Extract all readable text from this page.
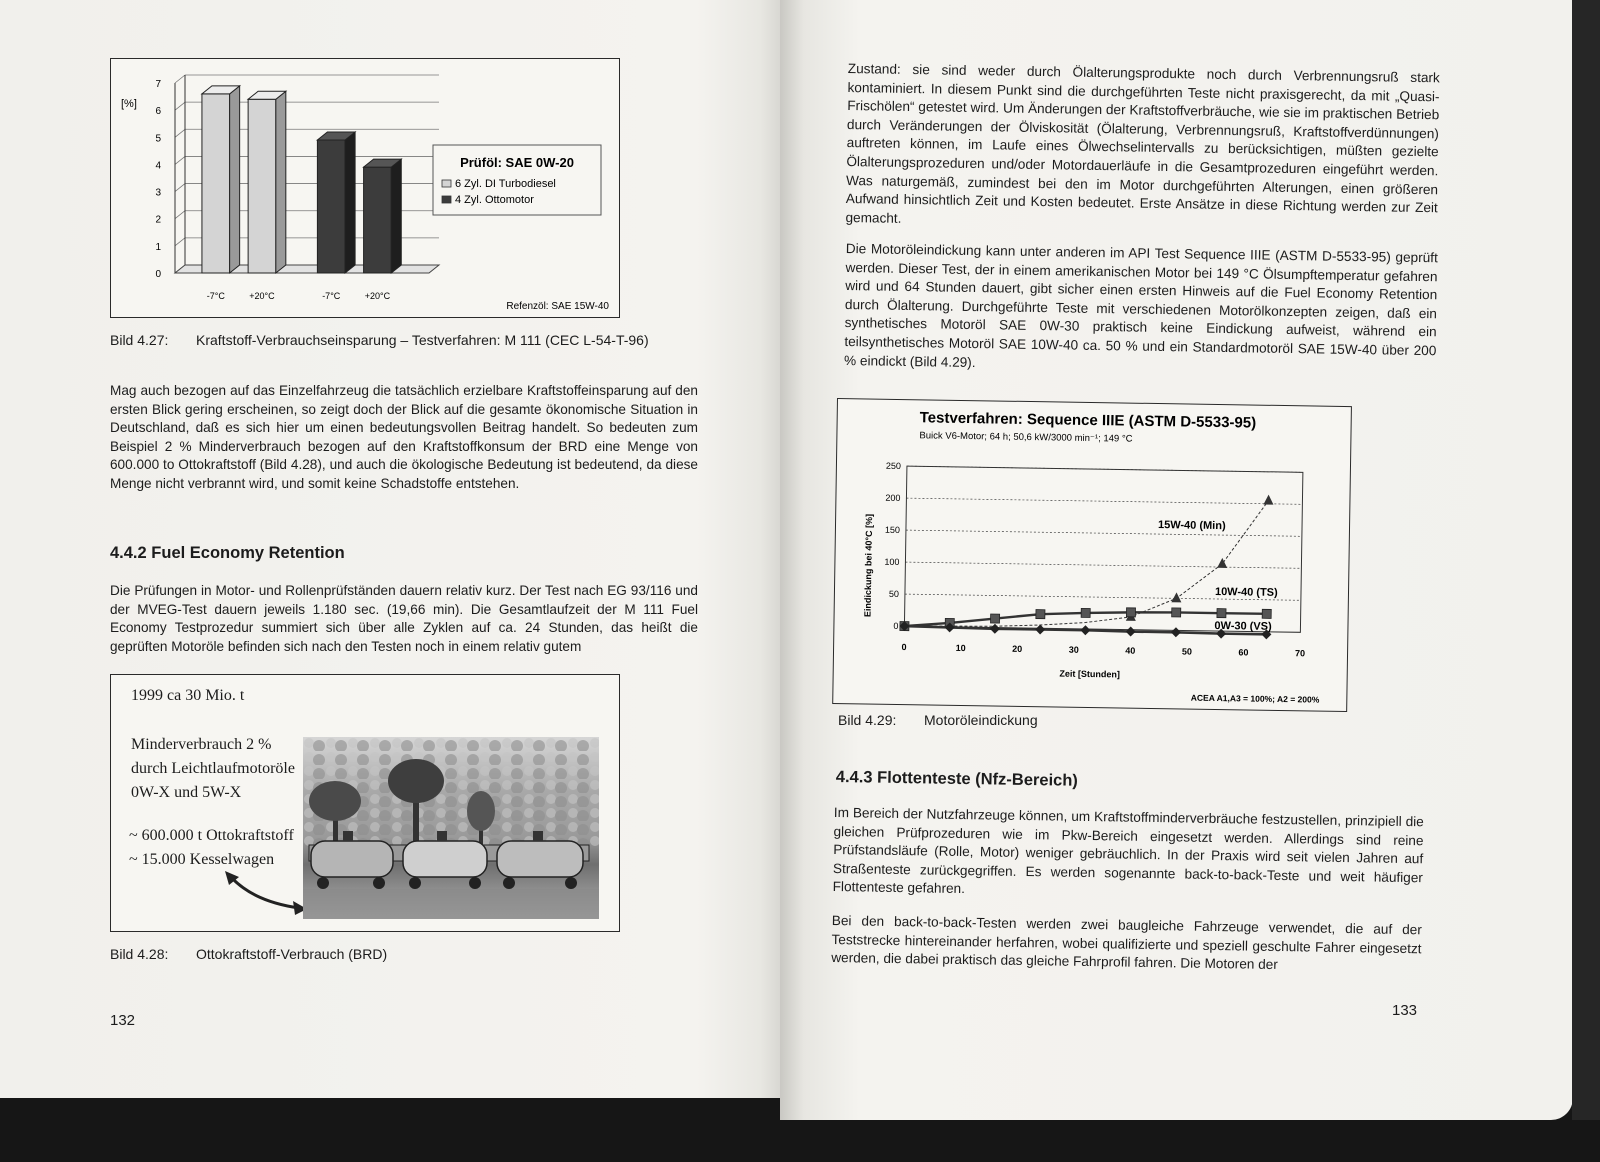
[%]
0
1
2
3
4
5
6
7
-7°C	+20°C	-7°C	+20°C
Prüföl: SAE 0W-20
6 Zyl. DI Turbodiesel
4 Zyl. Ottomotor
Refenzöl: SAE 15W-40
Bild 4.27: Kraftstoff-Verbrauchseinsparung – Testverfahren: M 111 (CEC L-54-T-96)
Mag auch bezogen auf das Einzelfahrzeug die tatsächlich erzielbare Kraftstoffeinsparung auf den ersten Blick gering erscheinen, so zeigt doch der Blick auf die gesamte ökonomische Situation in Deutschland, daß es sich hier um einen bedeutungsvollen Beitrag handelt. So bedeuten zum Beispiel 2 % Minderverbrauch bezogen auf den Kraftstoffkonsum der BRD eine Menge von 600.000 to Ottokraftstoff (Bild 4.28), und auch die ökologische Bedeutung ist bedeutend, da diese Menge nicht verbrannt wird, und somit keine Schadstoffe entstehen.
4.4.2 Fuel Economy Retention
Die Prüfungen in Motor- und Rollenprüfständen dauern relativ kurz. Der Test nach EG 93/116 und der MVEG-Test dauern jeweils 1.180 sec. (19,66 min). Die Gesamtlaufzeit der M 111 Fuel Economy Testprozedur summiert sich über alle Zyklen auf ca. 24 Stunden, das heißt die geprüften Motoröle befinden sich nach den Testen noch in einem relativ gutem
1999 ca 30 Mio. t
Minderverbrauch 2 %
durch Leichtlaufmotoröle
0W-X und 5W-X
~ 600.000 t Ottokraftstoff
~ 15.000 Kesselwagen
Bild 4.28: Ottokraftstoff-Verbrauch (BRD)
132
Zustand: sie sind weder durch Ölalterungsprodukte noch durch Verbrennungsruß stark kontaminiert. In diesem Punkt sind die durchgeführten Teste nicht praxisgerecht, da mit „Quasi-Frischölen“ getestet wird. Um Änderungen der Kraftstoffverbräuche, wie sie im praktischen Betrieb durch Veränderungen der Ölviskosität (Ölalterung, Verbrennungsruß, Kraftstoffverdünnungen) auftreten können, im Laufe eines Ölwechselintervalls zu berücksichtigen, müßten gezielte Ölalterungsprozeduren und/oder Motordauerläufe in die Gesamtprozeduren eingeführt werden. Was naturgemäß, zumindest bei den im Motor durchgeführten Alterungen, einen größeren Aufwand hinsichtlich Zeit und Kosten bedeutet. Erste Ansätze in diese Richtung werden zur Zeit gemacht.
Die Motoröleindickung kann unter anderen im API Test Sequence IIIE (ASTM D-5533-95) geprüft werden. Dieser Test, der in einem amerikanischen Motor bei 149 °C Ölsumpftemperatur gefahren wird und 64 Stunden dauert, gibt sicher einen ersten Hinweis auf die Fuel Economy Retention durch Ölalterung. Durchgeführte Teste mit verschiedenen Motorölkonzepten zeigen, daß ein synthetisches Motoröl SAE 0W-30 praktisch keine Eindickung aufweist, während ein teilsynthetisches Motoröl SAE 10W-40 ca. 50 % und ein Standardmotoröl SAE 15W-40 über 200 % eindickt (Bild 4.29).
Testverfahren: Sequence IIIE (ASTM D-5533-95)
Buick V6-Motor; 64 h; 50,6 kW/3000 min⁻¹; 149 °C
Eindickung bei 40°C [%]
0
50
100
150
200
250
0	10	20	30	40	50	60	70
15W-40 (Min)
10W-40 (TS)
0W-30 (VS)
Zeit [Stunden]
ACEA A1,A3 = 100%; A2 = 200%
Bild 4.29: Motoröleindickung
4.4.3 Flottenteste (Nfz-Bereich)
Im Bereich der Nutzfahrzeuge können, um Kraftstoffminderverbräuche festzustellen, prinzipiell die gleichen Prüfprozeduren wie im Pkw-Bereich eingesetzt werden. Allerdings sind reine Prüfstandsläufe (Rolle, Motor) weniger gebräuchlich. In der Praxis wird seit vielen Jahren auf Straßenteste zurückgegriffen. Es werden sogenannte back-to-back-Teste und weit häufiger Flottenteste gefahren.
Bei den back-to-back-Testen werden zwei baugleiche Fahrzeuge verwendet, die auf der Teststrecke hintereinander herfahren, wobei qualifizierte und speziell geschulte Fahrer eingesetzt werden, die dabei praktisch das gleiche Fahrprofil fahren. Die Motoren der
133
